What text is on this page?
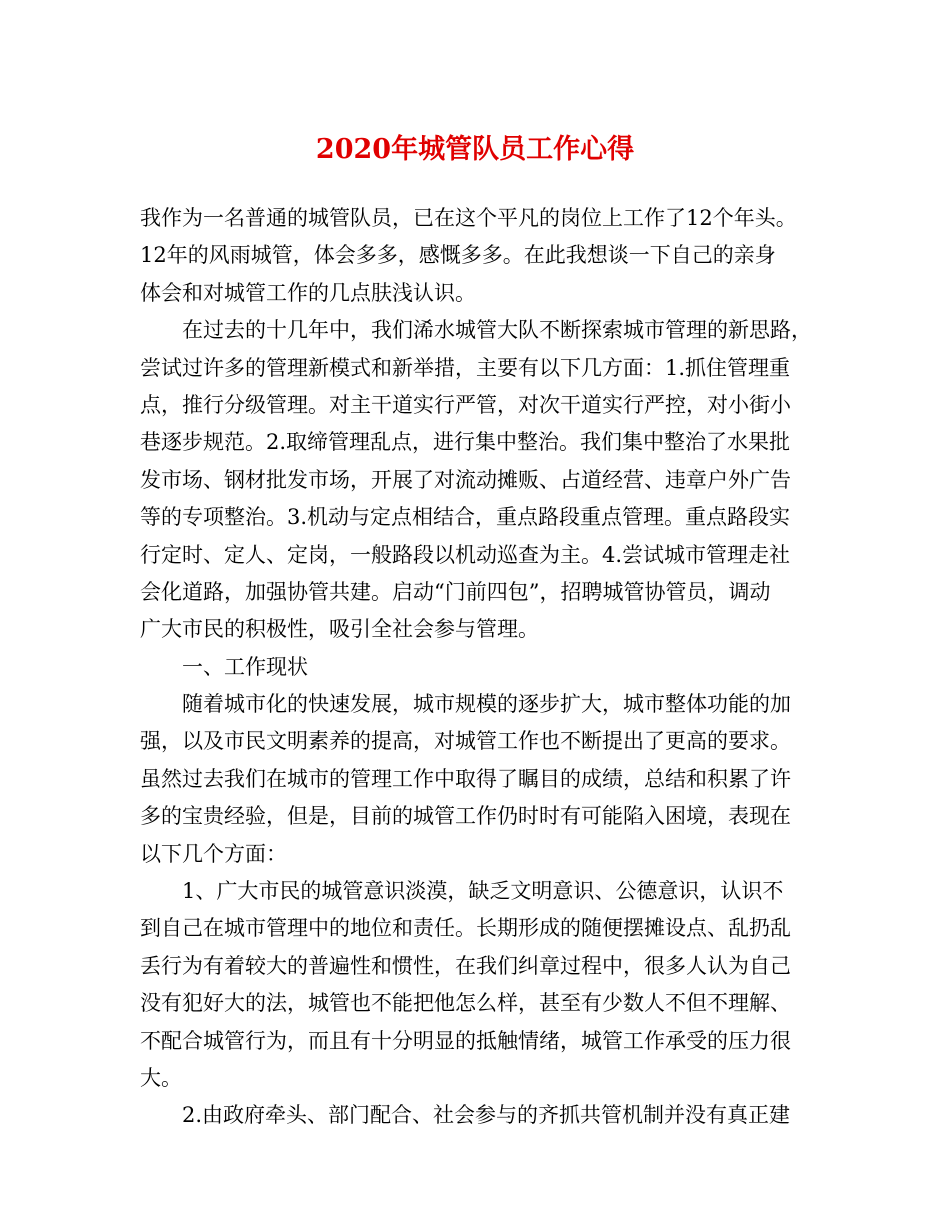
2020年城管队员工作心得
我作为一名普通的城管队员，已在这个平凡的岗位上工作了12个年头。
12年的风雨城管，体会多多，感慨多多。在此我想谈一下自己的亲身
体会和对城管工作的几点肤浅认识。
在过去的十几年中，我们浠水城管大队不断探索城市管理的新思路，
尝试过许多的管理新模式和新举措，主要有以下几方面：1.抓住管理重
点，推行分级管理。对主干道实行严管，对次干道实行严控，对小街小
巷逐步规范。2.取缔管理乱点，进行集中整治。我们集中整治了水果批
发市场、钢材批发市场，开展了对流动摊贩、占道经营、违章户外广告
等的专项整治。3.机动与定点相结合，重点路段重点管理。重点路段实
行定时、定人、定岗，一般路段以机动巡查为主。4.尝试城市管理走社
会化道路，加强协管共建。启动“门前四包”，招聘城管协管员，调动
广大市民的积极性，吸引全社会参与管理。
一、工作现状
随着城市化的快速发展，城市规模的逐步扩大，城市整体功能的加
强，以及市民文明素养的提高，对城管工作也不断提出了更高的要求。
虽然过去我们在城市的管理工作中取得了瞩目的成绩，总结和积累了许
多的宝贵经验，但是，目前的城管工作仍时时有可能陷入困境，表现在
以下几个方面：
1、广大市民的城管意识淡漠，缺乏文明意识、公德意识，认识不
到自己在城市管理中的地位和责任。长期形成的随便摆摊设点、乱扔乱
丢行为有着较大的普遍性和惯性，在我们纠章过程中，很多人认为自己
没有犯好大的法，城管也不能把他怎么样，甚至有少数人不但不理解、
不配合城管行为，而且有十分明显的抵触情绪，城管工作承受的压力很
大。
2.由政府牵头、部门配合、社会参与的齐抓共管机制并没有真正建
